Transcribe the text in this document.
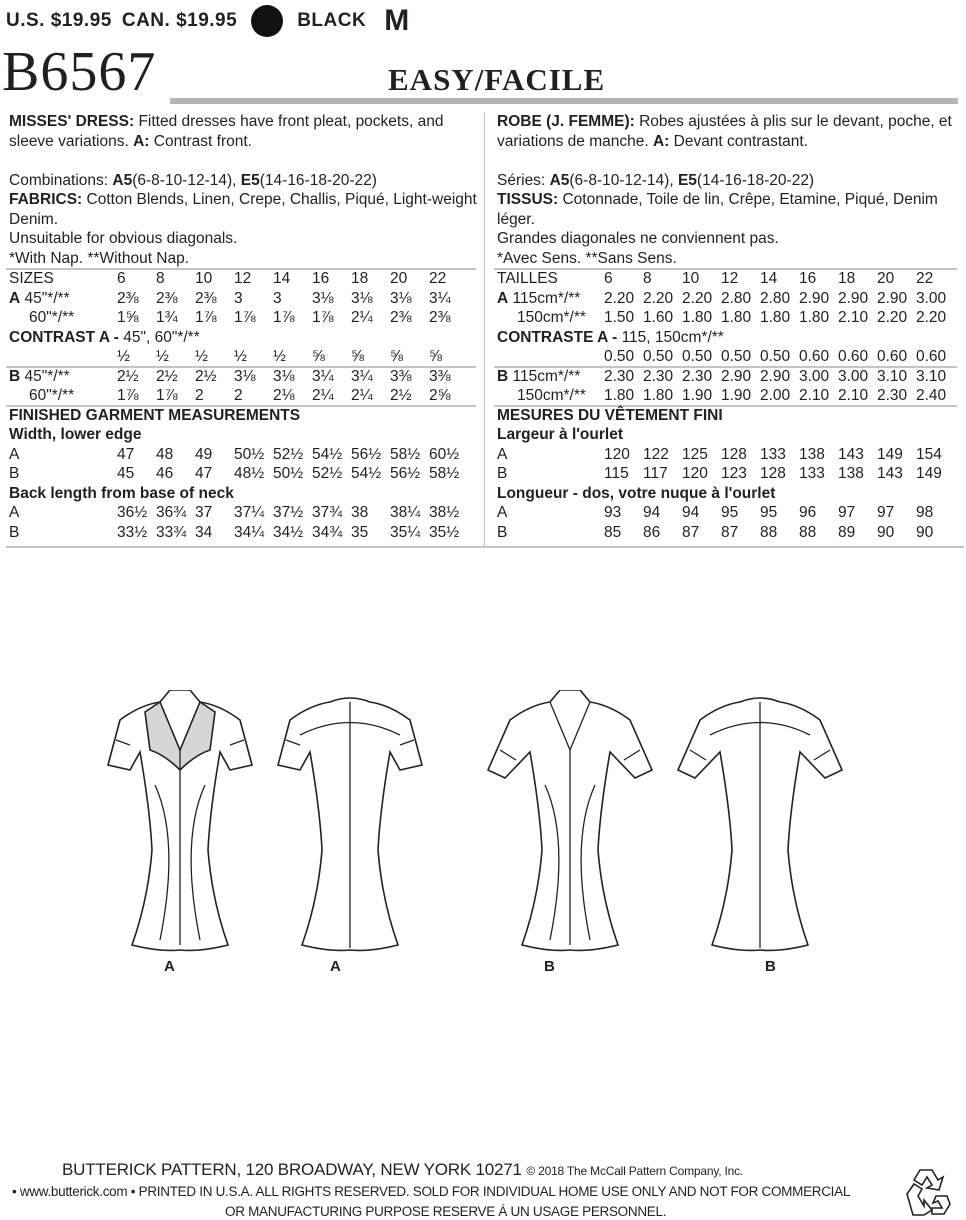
U.S. $19.95 CAN. $19.95	BLACK M
B6567	EASY/FACILE
MISSES' DRESS: Fitted dresses have front pleat, pockets, and sleeve variations. A: Contrast front.
Combinations: A5(6-8-10-12-14), E5(14-16-18-20-22)
FABRICS: Cotton Blends, Linen, Crepe, Challis, Piqué, Light-weight Denim.
Unsuitable for obvious diagonals.
*With Nap. **Without Nap.
ROBE (J. FEMME): Robes ajustées à plis sur le devant, poche, et variations de manche. A: Devant contrastant.
Séries: A5(6-8-10-12-14), E5(14-16-18-20-22)
TISSUS: Cotonnade, Toile de lin, Crêpe, Etamine, Piqué, Denim léger.
Grandes diagonales ne conviennent pas.
*Avec Sens. **Sans Sens.
SIZES	6 8 10 12 14 16 18 20 22
A 45"*/**	2⅜ 2⅜ 2⅜ 3 3 3⅛ 3⅛ 3⅛ 3¼
60"*/**	1⅝ 1¾ 1⅞ 1⅞ 1⅞ 1⅞ 2¼ 2⅜ 2⅜
CONTRAST A - 45", 60"*/**
½ ½ ½ ½ ½ ⅝ ⅝ ⅝ ⅝
B 45"*/**	2½ 2½ 2½ 3⅛ 3⅛ 3¼ 3¼ 3⅜ 3⅜
60"*/**	1⅞ 1⅞ 2 2 2⅛ 2¼ 2¼ 2½ 2⅝
FINISHED GARMENT MEASUREMENTS
Width, lower edge
A	47 48 49 50½ 52½ 54½ 56½ 58½ 60½
B	45 46 47 48½ 50½ 52½ 54½ 56½ 58½
Back length from base of neck
A	36½ 36¾ 37 37¼ 37½ 37¾ 38 38¼ 38½
B	33½ 33¾ 34 34¼ 34½ 34¾ 35 35¼ 35½
TAILLES	6 8 10 12 14 16 18 20 22
A 115cm*/** 2.20 2.20 2.20 2.80 2.80 2.90 2.90 2.90 3.00
150cm*/** 1.50 1.60 1.80 1.80 1.80 1.80 2.10 2.20 2.20
CONTRASTE A - 115, 150cm*/**
0.50 0.50 0.50 0.50 0.50 0.60 0.60 0.60 0.60
B 115cm*/** 2.30 2.30 2.30 2.90 2.90 3.00 3.00 3.10 3.10
150cm*/** 1.80 1.80 1.90 1.90 2.00 2.10 2.10 2.30 2.40
MESURES DU VÊTEMENT FINI
Largeur à l'ourlet
A	120 122 125 128 133 138 143 149 154
B	115 117 120 123 128 133 138 143 149
Longueur - dos, votre nuque à l'ourlet
A	93 94 94 95 95 96 97 97 98
B	85 86 87 87 88 88 89 90 90
A	A	B	B
BUTTERICK PATTERN, 120 BROADWAY, NEW YORK 10271 © 2018 The McCall Pattern Company, Inc.
• www.butterick.com • PRINTED IN U.S.A. ALL RIGHTS RESERVED. SOLD FOR INDIVIDUAL HOME USE ONLY AND NOT FOR COMMERCIAL
OR MANUFACTURING PURPOSE RESERVE Á UN USAGE PERSONNEL.
